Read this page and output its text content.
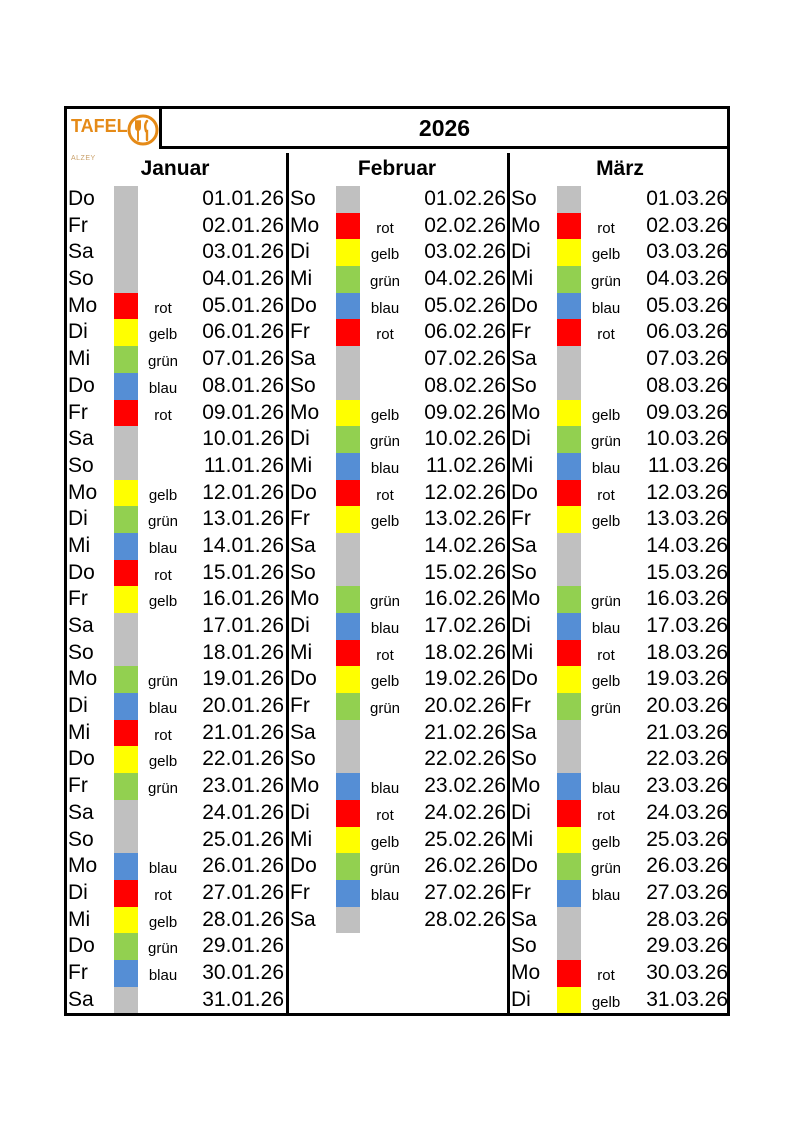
TAFEL
ALZEY
2026
Januar
Do	01.01.26
Fr	02.01.26
Sa	03.01.26
So	04.01.26
Mo	rot	05.01.26
Di	gelb	06.01.26
Mi	grün	07.01.26
Do	blau	08.01.26
Fr	rot	09.01.26
Sa	10.01.26
So	11.01.26
Mo	gelb	12.01.26
Di	grün	13.01.26
Mi	blau	14.01.26
Do	rot	15.01.26
Fr	gelb	16.01.26
Sa	17.01.26
So	18.01.26
Mo	grün	19.01.26
Di	blau	20.01.26
Mi	rot	21.01.26
Do	gelb	22.01.26
Fr	grün	23.01.26
Sa	24.01.26
So	25.01.26
Mo	blau	26.01.26
Di	rot	27.01.26
Mi	gelb	28.01.26
Do	grün	29.01.26
Fr	blau	30.01.26
Sa	31.01.26
Februar
So	01.02.26
Mo	rot	02.02.26
Di	gelb	03.02.26
Mi	grün	04.02.26
Do	blau	05.02.26
Fr	rot	06.02.26
Sa	07.02.26
So	08.02.26
Mo	gelb	09.02.26
Di	grün	10.02.26
Mi	blau	11.02.26
Do	rot	12.02.26
Fr	gelb	13.02.26
Sa	14.02.26
So	15.02.26
Mo	grün	16.02.26
Di	blau	17.02.26
Mi	rot	18.02.26
Do	gelb	19.02.26
Fr	grün	20.02.26
Sa	21.02.26
So	22.02.26
Mo	blau	23.02.26
Di	rot	24.02.26
Mi	gelb	25.02.26
Do	grün	26.02.26
Fr	blau	27.02.26
Sa	28.02.26
März
So	01.03.26
Mo	rot	02.03.26
Di	gelb	03.03.26
Mi	grün	04.03.26
Do	blau	05.03.26
Fr	rot	06.03.26
Sa	07.03.26
So	08.03.26
Mo	gelb	09.03.26
Di	grün	10.03.26
Mi	blau	11.03.26
Do	rot	12.03.26
Fr	gelb	13.03.26
Sa	14.03.26
So	15.03.26
Mo	grün	16.03.26
Di	blau	17.03.26
Mi	rot	18.03.26
Do	gelb	19.03.26
Fr	grün	20.03.26
Sa	21.03.26
So	22.03.26
Mo	blau	23.03.26
Di	rot	24.03.26
Mi	gelb	25.03.26
Do	grün	26.03.26
Fr	blau	27.03.26
Sa	28.03.26
So	29.03.26
Mo	rot	30.03.26
Di	gelb	31.03.26
